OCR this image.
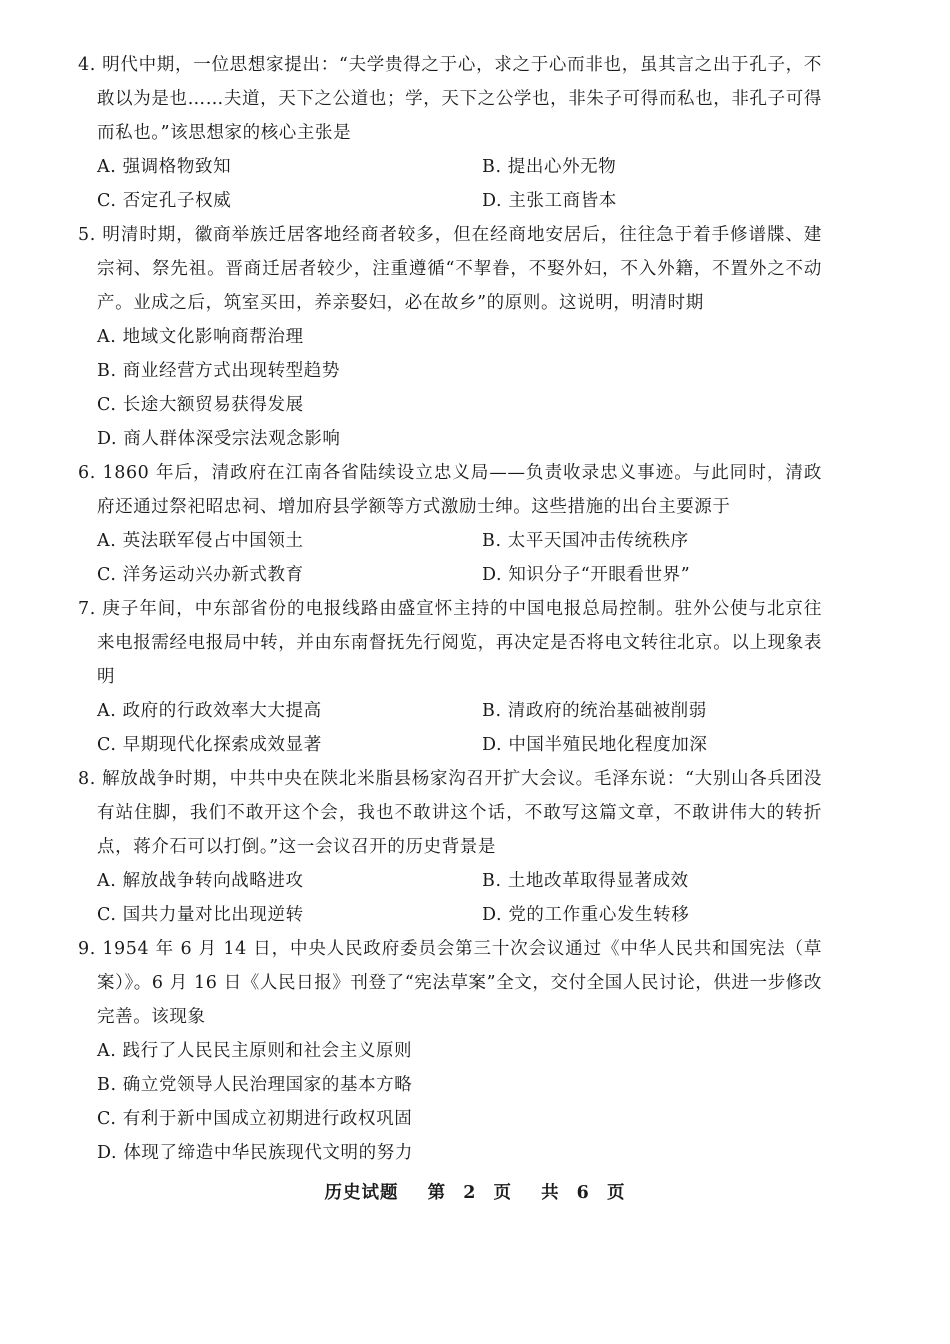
4. 明代中期，一位思想家提出：“夫学贵得之于心，求之于心而非也，虽其言之出于孔子，不敢以为是也……夫道，天下之公道也；学，天下之公学也，非朱子可得而私也，非孔子可得而私也。”该思想家的核心主张是

A. 强调格物致知	B. 提出心外无物
C. 否定孔子权威	D. 主张工商皆本

5. 明清时期，徽商举族迁居客地经商者较多，但在经商地安居后，往往急于着手修谱牒、建宗祠、祭先祖。晋商迁居者较少，注重遵循“不挈眷，不娶外妇，不入外籍，不置外之不动产。业成之后，筑室买田，养亲娶妇，必在故乡”的原则。这说明，明清时期

A. 地域文化影响商帮治理
B. 商业经营方式出现转型趋势
C. 长途大额贸易获得发展
D. 商人群体深受宗法观念影响

6. 1860 年后，清政府在江南各省陆续设立忠义局——负责收录忠义事迹。与此同时，清政府还通过祭祀昭忠祠、增加府县学额等方式激励士绅。这些措施的出台主要源于

A. 英法联军侵占中国领土	B. 太平天国冲击传统秩序
C. 洋务运动兴办新式教育	D. 知识分子“开眼看世界”

7. 庚子年间，中东部省份的电报线路由盛宣怀主持的中国电报总局控制。驻外公使与北京往来电报需经电报局中转，并由东南督抚先行阅览，再决定是否将电文转往北京。以上现象表明

A. 政府的行政效率大大提高	B. 清政府的统治基础被削弱
C. 早期现代化探索成效显著	D. 中国半殖民地化程度加深

8. 解放战争时期，中共中央在陕北米脂县杨家沟召开扩大会议。毛泽东说：“大别山各兵团没有站住脚，我们不敢开这个会，我也不敢讲这个话，不敢写这篇文章，不敢讲伟大的转折点，蒋介石可以打倒。”这一会议召开的历史背景是

A. 解放战争转向战略进攻	B. 土地改革取得显著成效
C. 国共力量对比出现逆转	D. 党的工作重心发生转移

9. 1954 年 6 月 14 日，中央人民政府委员会第三十次会议通过《中华人民共和国宪法（草案）》。6 月 16 日《人民日报》刊登了“宪法草案”全文，交付全国人民讨论，供进一步修改完善。该现象

A. 践行了人民民主原则和社会主义原则
B. 确立党领导人民治理国家的基本方略
C. 有利于新中国成立初期进行政权巩固
D. 体现了缔造中华民族现代文明的努力
历史试题 第 2 页 共 6 页
